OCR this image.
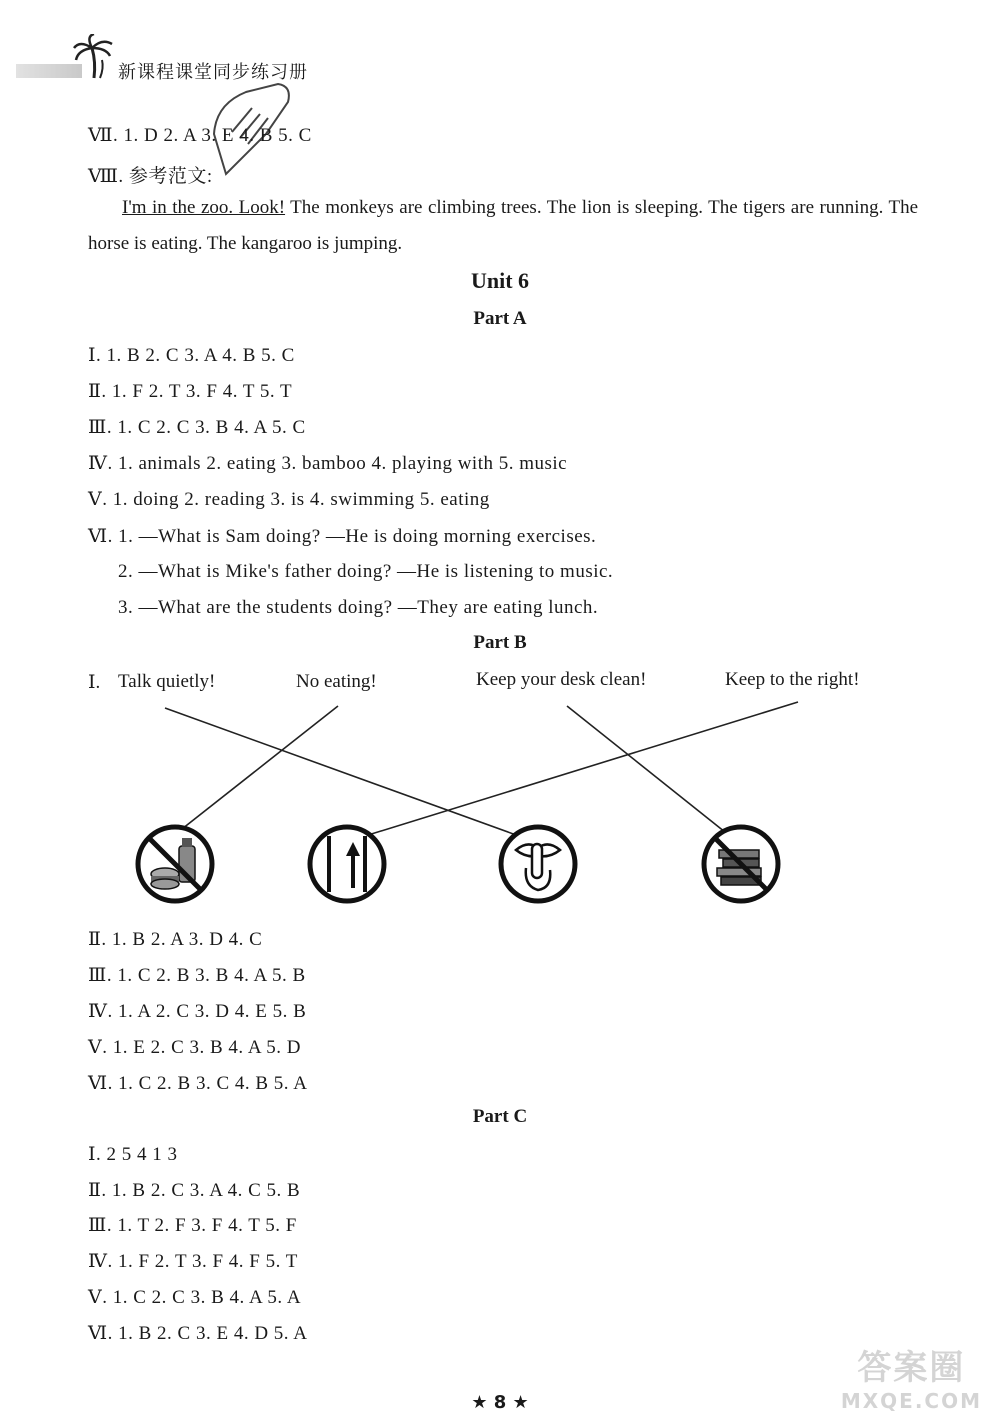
新课程课堂同步练习册
Ⅶ. 1. D 2. A 3. E 4. B 5. C
Ⅷ. 参考范文:
I'm in the zoo. Look! The monkeys are climbing trees. The lion is sleeping. The tigers are running. The horse is eating. The kangaroo is jumping.
Unit 6
Part A
Ⅰ. 1. B 2. C 3. A 4. B 5. C
Ⅱ. 1. F 2. T 3. F 4. T 5. T
Ⅲ. 1. C 2. C 3. B 4. A 5. C
Ⅳ. 1. animals 2. eating 3. bamboo 4. playing with 5. music
Ⅴ. 1. doing 2. reading 3. is 4. swimming 5. eating
Ⅵ. 1. —What is Sam doing? —He is doing morning exercises.
2. —What is Mike's father doing? —He is listening to music.
3. —What are the students doing? —They are eating lunch.
Part B
Ⅰ. Talk quietly!	No eating!	Keep your desk clean!	Keep to the right!
Ⅱ. 1. B 2. A 3. D 4. C
Ⅲ. 1. C 2. B 3. B 4. A 5. B
Ⅳ. 1. A 2. C 3. D 4. E 5. B
Ⅴ. 1. E 2. C 3. B 4. A 5. D
Ⅵ. 1. C 2. B 3. C 4. B 5. A
Part C
Ⅰ. 2 5 4 1 3
Ⅱ. 1. B 2. C 3. A 4. C 5. B
Ⅲ. 1. T 2. F 3. F 4. T 5. F
Ⅳ. 1. F 2. T 3. F 4. F 5. T
Ⅴ. 1. C 2. C 3. B 4. A 5. A
Ⅵ. 1. B 2. C 3. E 4. D 5. A
★ 8 ★
答案圈
MXQE.COM
